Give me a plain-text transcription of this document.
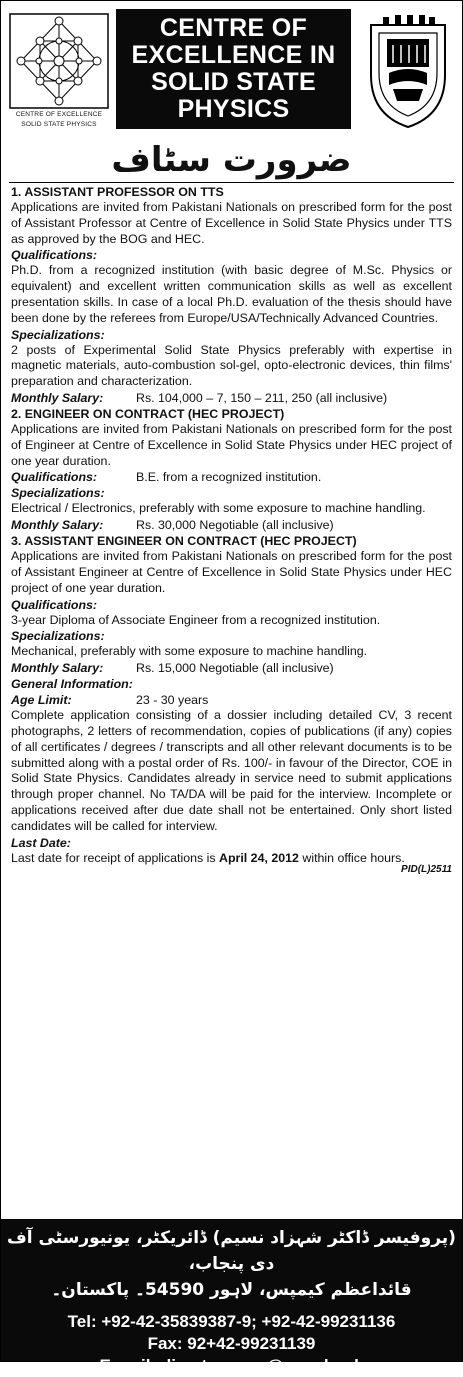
CENTRE OF EXCELLENCE
SOLID STATE PHYSICS
CENTRE OF
EXCELLENCE IN
SOLID STATE
PHYSICS
ضرورت سٹاف
1. ASSISTANT PROFESSOR ON TTS

Applications are invited from Pakistani Nationals on prescribed form for the post of Assistant Professor at Centre of Excellence in Solid State Physics under TTS as approved by the BOG and HEC.

Qualifications:

Ph.D. from a recognized institution (with basic degree of M.Sc. Physics or equivalent) and excellent written communication skills as well as excellent presentation skills. In case of a local Ph.D. evaluation of the thesis should have been done by the referees from Europe/USA/Technically Advanced Countries.

Specializations:

2 posts of Experimental Solid State Physics preferably with expertise in magnetic materials, auto-combustion sol-gel, opto-electronic devices, thin films' preparation and characterization.

Monthly Salary:	Rs. 104,000 – 7, 150 – 211, 250 (all inclusive)
2. ENGINEER ON CONTRACT (HEC PROJECT)

Applications are invited from Pakistani Nationals on prescribed form for the post of Engineer at Centre of Excellence in Solid State Physics under HEC project of one year duration.

Qualifications:	B.E. from a recognized institution.
Specializations:

Electrical / Electronics, preferably with some exposure to machine handling.

Monthly Salary:	Rs. 30,000 Negotiable (all inclusive)
3. ASSISTANT ENGINEER ON CONTRACT (HEC PROJECT)

Applications are invited from Pakistani Nationals on prescribed form for the post of Assistant Engineer at Centre of Excellence in Solid State Physics under HEC project of one year duration.

Qualifications:

3-year Diploma of Associate Engineer from a recognized institution.

Specializations:

Mechanical, preferably with some exposure to machine handling.

Monthly Salary:	Rs. 15,000 Negotiable (all inclusive)
General Information:
Age Limit:	23 - 30 years

Complete application consisting of a dossier including detailed CV, 3 recent photographs, 2 letters of recommendation, copies of publications (if any) copies of all certificates / degrees / transcripts and all other relevant documents is to be submitted along with a postal order of Rs. 100/- in favour of the Director, COE in Solid State Physics. Candidates already in service need to submit applications through proper channel. No TA/DA will be paid for the interview. Incomplete or applications received after due date shall not be entertained. Only short listed candidates will be called for interview.

Last Date:

Last date for receipt of applications is April 24, 2012 within office hours.

PID(L)2511
(پروفیسر ڈاکٹر شہزاد نسیم) ڈائریکٹر، یونیورسٹی آف دی پنجاب،
قائداعظم کیمپس، لاہور 54590۔ پاکستان۔
Tel: +92-42-35839387-9; +92-42-99231136
Fax: 92+42-99231139
E-mail: director.cssp@pu.edu.pk
